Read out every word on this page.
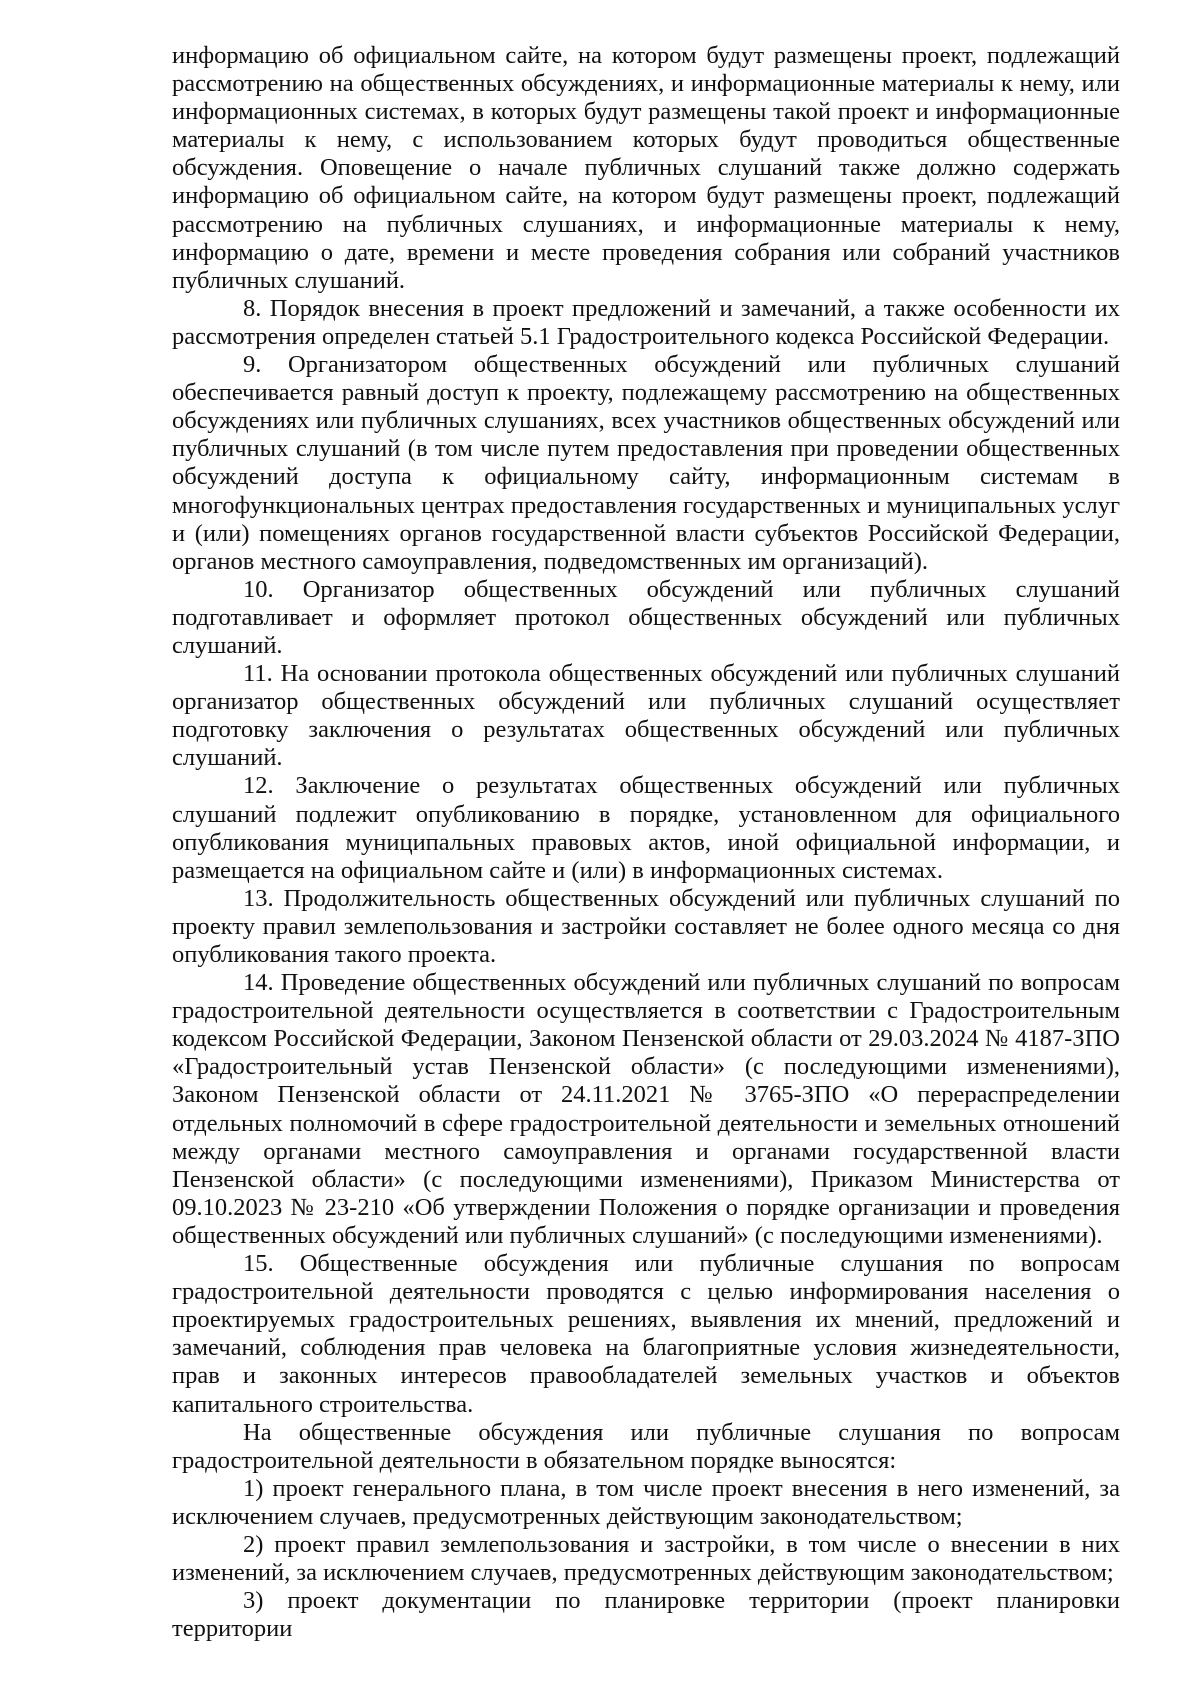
информацию об официальном сайте, на котором будут размещены проект, подлежащий рассмотрению на общественных обсуждениях, и информационные материалы к нему, или информационных системах, в которых будут размещены такой проект и информационные материалы к нему, с использованием которых будут проводиться общественные обсуждения. Оповещение о начале публичных слушаний также должно содержать информацию об официальном сайте, на котором будут размещены проект, подлежащий рассмотрению на публичных слушаниях, и информационные материалы к нему, информацию о дате, времени и месте проведения собрания или собраний участников публичных слушаний.

8. Порядок внесения в проект предложений и замечаний, а также особенности их рассмотрения определен статьей 5.1 Градостроительного кодекса Российской Федерации.

9. Организатором общественных обсуждений или публичных слушаний обеспечивается равный доступ к проекту, подлежащему рассмотрению на общественных обсуждениях или публичных слушаниях, всех участников общественных обсуждений или публичных слушаний (в том числе путем предоставления при проведении общественных обсуждений доступа к официальному сайту, информационным системам в многофункциональных центрах предоставления государственных и муниципальных услуг и (или) помещениях органов государственной власти субъектов Российской Федерации, органов местного самоуправления, подведомственных им организаций).

10. Организатор общественных обсуждений или публичных слушаний подготавливает и оформляет протокол общественных обсуждений или публичных слушаний.

11. На основании протокола общественных обсуждений или публичных слушаний организатор общественных обсуждений или публичных слушаний осуществляет подготовку заключения о результатах общественных обсуждений или публичных слушаний.

12. Заключение о результатах общественных обсуждений или публичных слушаний подлежит опубликованию в порядке, установленном для официального опубликования муниципальных правовых актов, иной официальной информации, и размещается на официальном сайте и (или) в информационных системах.

13. Продолжительность общественных обсуждений или публичных слушаний по проекту правил землепользования и застройки составляет не более одного месяца со дня опубликования такого проекта.

14. Проведение общественных обсуждений или публичных слушаний по вопросам градостроительной деятельности осуществляется в соответствии с Градостроительным кодексом Российской Федерации, Законом Пензенской области от 29.03.2024 № 4187-ЗПО «Градостроительный устав Пензенской области» (с последующими изменениями), Законом Пензенской области от 24.11.2021 № 3765-ЗПО «О перераспределении отдельных полномочий в сфере градостроительной деятельности и земельных отношений между органами местного самоуправления и органами государственной власти Пензенской области» (с последующими изменениями), Приказом Министерства от 09.10.2023 № 23-210 «Об утверждении Положения о порядке организации и проведения общественных обсуждений или публичных слушаний» (с последующими изменениями).

15. Общественные обсуждения или публичные слушания по вопросам градостроительной деятельности проводятся с целью информирования населения о проектируемых градостроительных решениях, выявления их мнений, предложений и замечаний, соблюдения прав человека на благоприятные условия жизнедеятельности, прав и законных интересов правообладателей земельных участков и объектов капитального строительства.

На общественные обсуждения или публичные слушания по вопросам градостроительной деятельности в обязательном порядке выносятся:

1) проект генерального плана, в том числе проект внесения в него изменений, за исключением случаев, предусмотренных действующим законодательством;

2) проект правил землепользования и застройки, в том числе о внесении в них изменений, за исключением случаев, предусмотренных действующим законодательством;

3) проект документации по планировке территории (проект планировки территории
